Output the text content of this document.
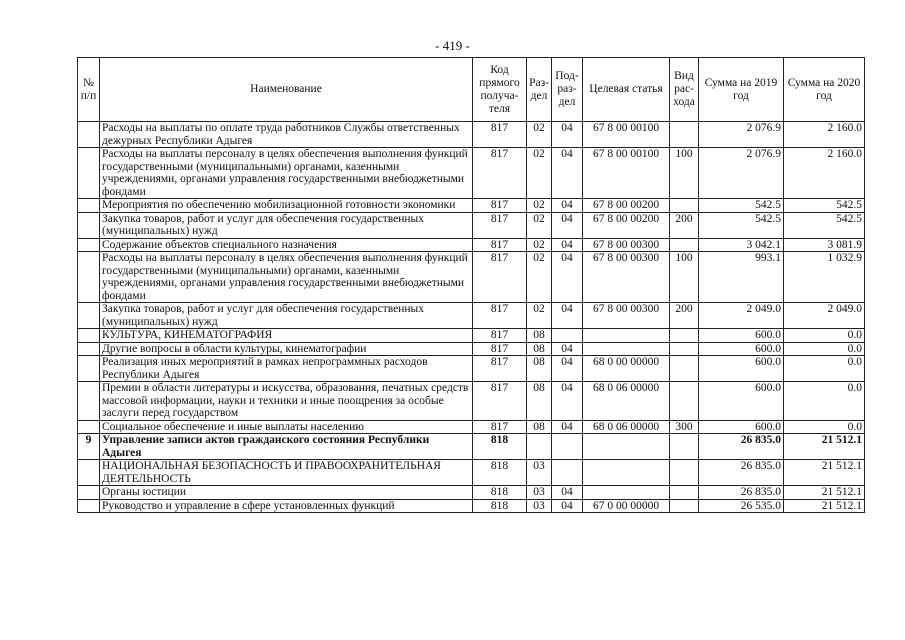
- 419 -
№ п/п	Наименование	Код прямого получа-теля	Раз-дел	Под-раз-дел	Целевая статья	Вид рас-хода	Сумма на 2019 год	Сумма на 2020 год
	Расходы на выплаты по оплате труда работников Службы ответственных дежурных Республики Адыгея	817	02	04	67 8 00 00100		2 076.9	2 160.0
	Расходы на выплаты персоналу в целях обеспечения выполнения функций государственными (муниципальными) органами, казенными учреждениями, органами управления государственными внебюджетными фондами	817	02	04	67 8 00 00100	100	2 076.9	2 160.0
	Мероприятия по обеспечению мобилизационной готовности экономики	817	02	04	67 8 00 00200		542.5	542.5
	Закупка товаров, работ и услуг для обеспечения государственных (муниципальных) нужд	817	02	04	67 8 00 00200	200	542.5	542.5
	Содержание объектов специального назначения	817	02	04	67 8 00 00300		3 042.1	3 081.9
	Расходы на выплаты персоналу в целях обеспечения выполнения функций государственными (муниципальными) органами, казенными учреждениями, органами управления государственными внебюджетными фондами	817	02	04	67 8 00 00300	100	993.1	1 032.9
	Закупка товаров, работ и услуг для обеспечения государственных (муниципальных) нужд	817	02	04	67 8 00 00300	200	2 049.0	2 049.0
	КУЛЬТУРА, КИНЕМАТОГРАФИЯ	817	08				600.0	0.0
	Другие вопросы в области культуры, кинематографии	817	08	04			600.0	0.0
	Реализация иных мероприятий в рамках непрограммных расходов Республики Адыгея	817	08	04	68 0 00 00000		600.0	0.0
	Премии в области литературы и искусства, образования, печатных средств массовой информации, науки и техники и иные поощрения за особые заслуги перед государством	817	08	04	68 0 06 00000		600.0	0.0
	Социальное обеспечение и иные выплаты населению	817	08	04	68 0 06 00000	300	600.0	0.0
9	Управление записи актов гражданского состояния Республики Адыгея	818					26 835.0	21 512.1
	НАЦИОНАЛЬНАЯ БЕЗОПАСНОСТЬ И ПРАВООХРАНИТЕЛЬНАЯ ДЕЯТЕЛЬНОСТЬ	818	03				26 835.0	21 512.1
	Органы юстиции	818	03	04			26 835.0	21 512.1
	Руководство и управление в сфере установленных функций	818	03	04	67 0 00 00000		26 535.0	21 512.1
